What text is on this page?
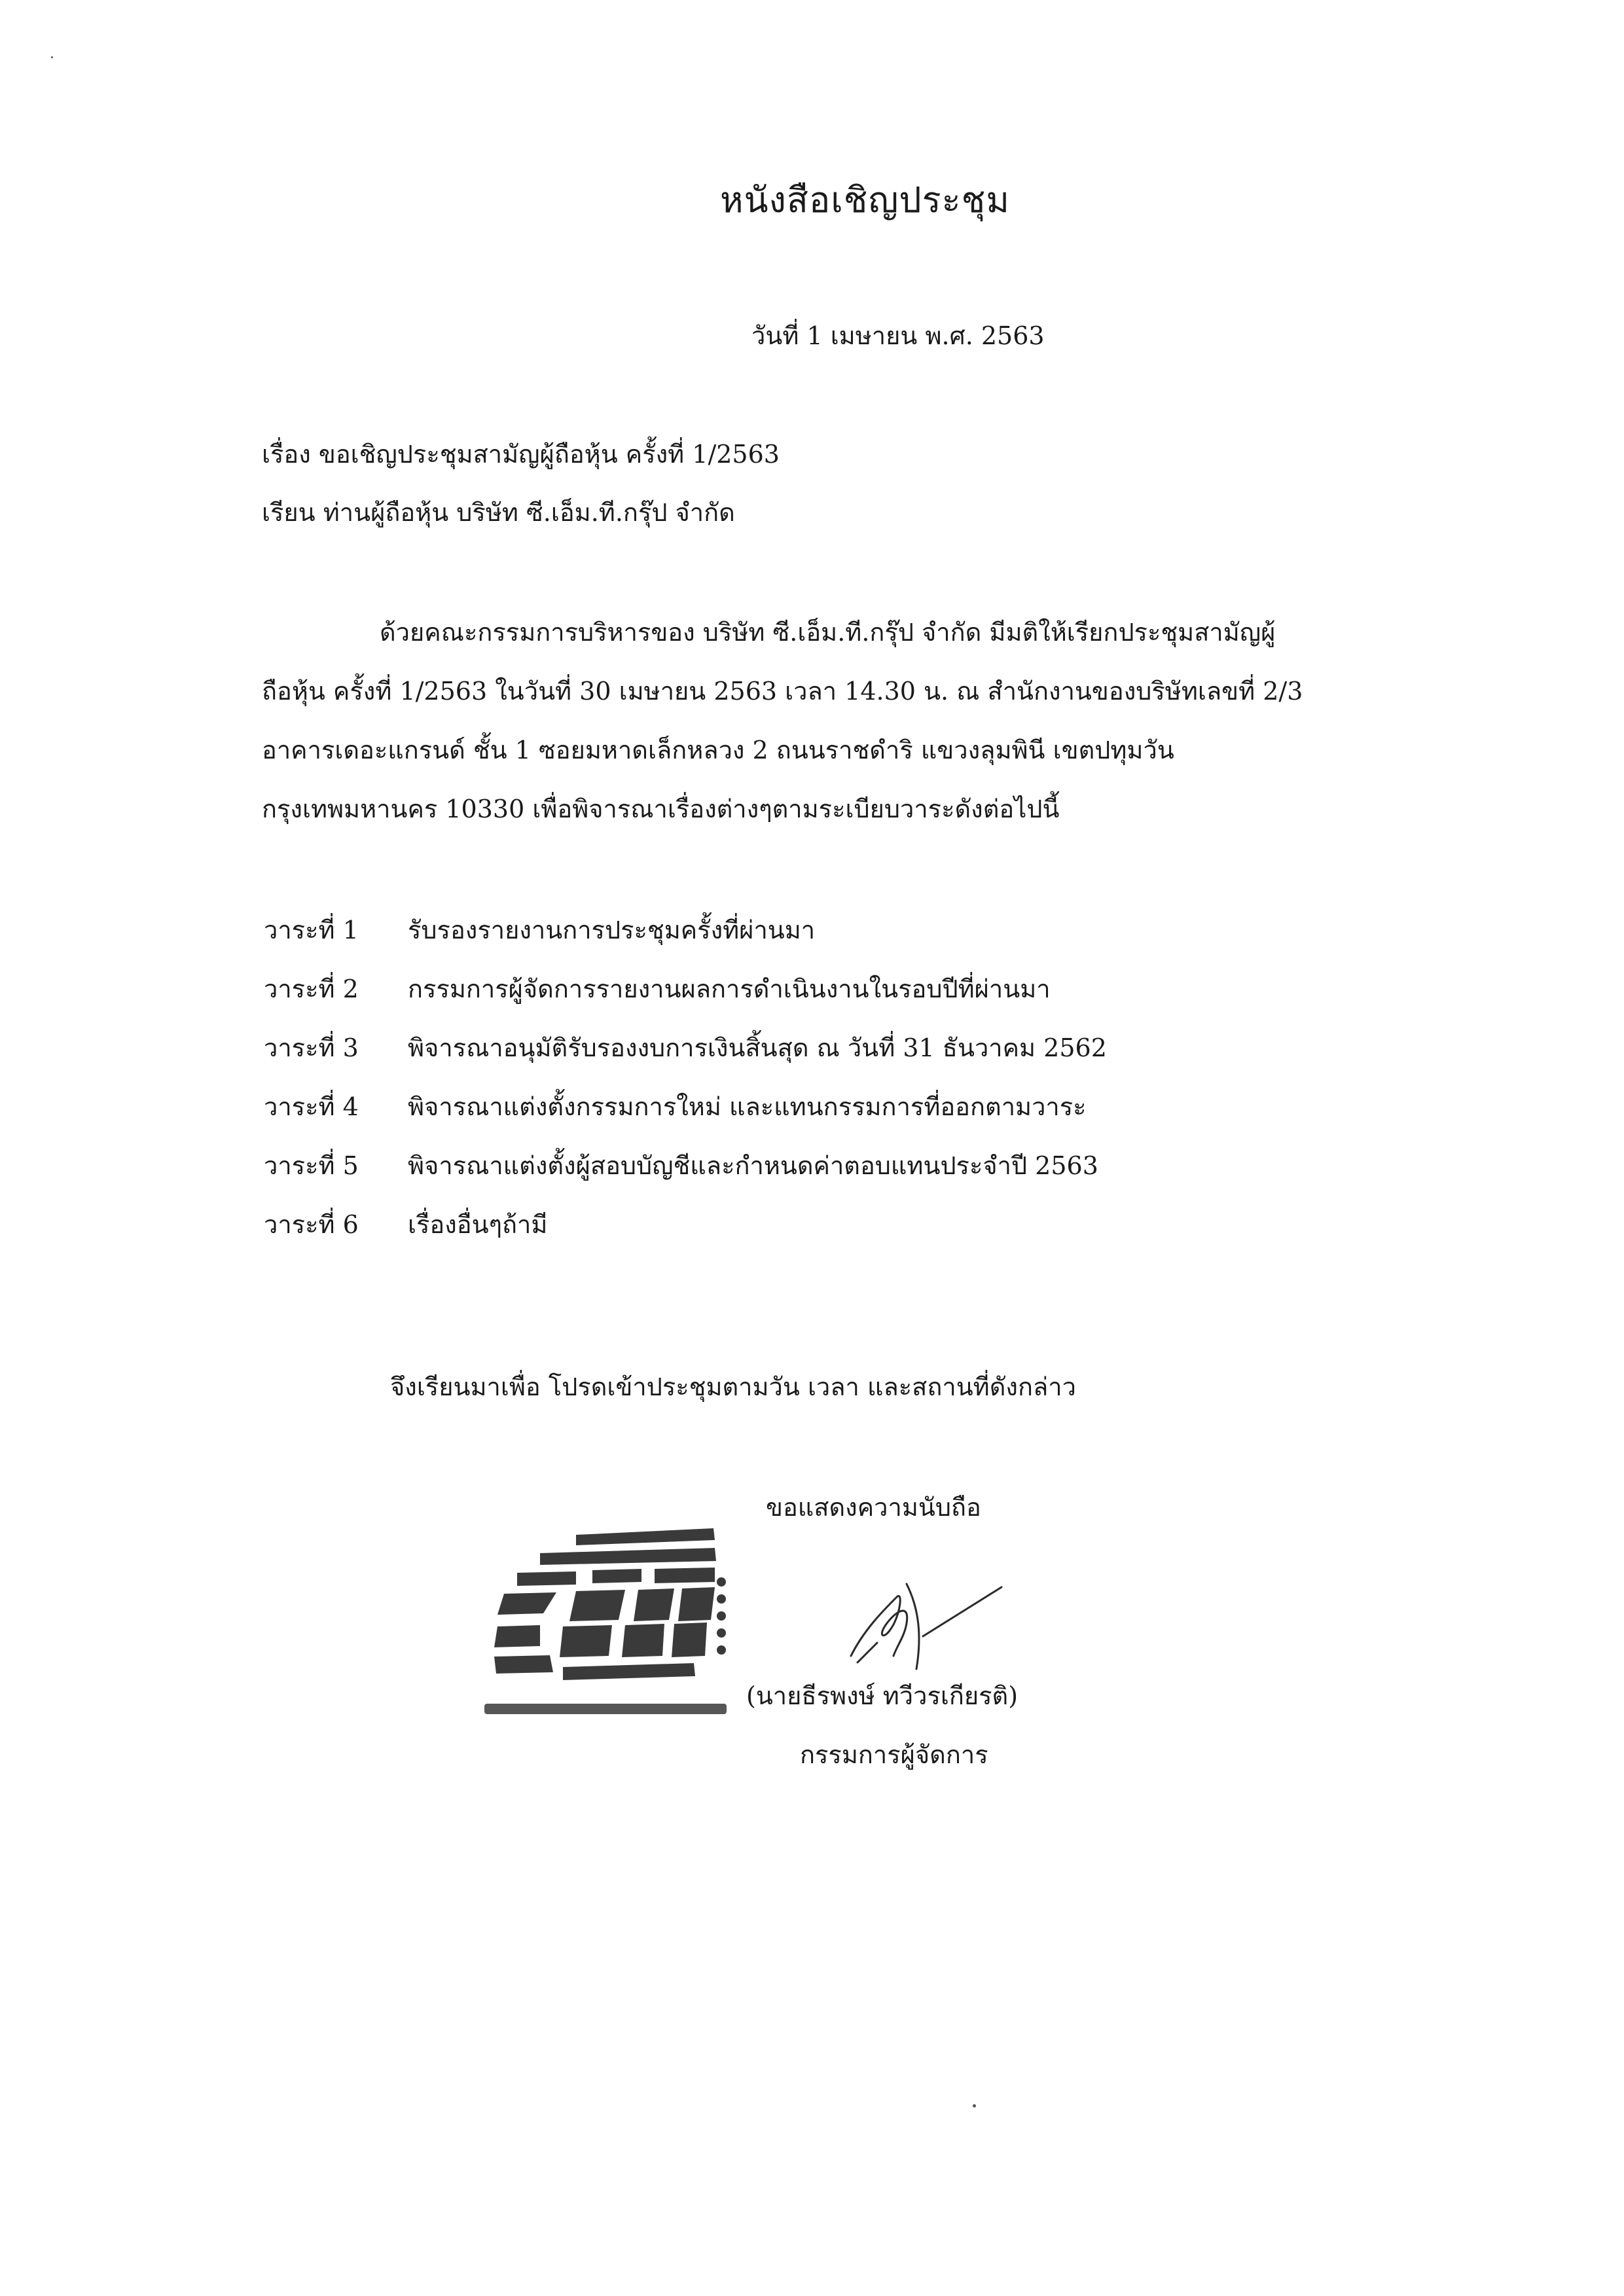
หนังสือเชิญประชุม
วันที่ 1 เมษายน พ.ศ. 2563
เรื่อง ขอเชิญประชุมสามัญผู้ถือหุ้น ครั้งที่ 1/2563
เรียน ท่านผู้ถือหุ้น บริษัท ซี.เอ็ม.ที.กรุ๊ป จำกัด
ด้วยคณะกรรมการบริหารของ บริษัท ซี.เอ็ม.ที.กรุ๊ป จำกัด มีมติให้เรียกประชุมสามัญผู้
ถือหุ้น ครั้งที่ 1/2563 ในวันที่ 30 เมษายน 2563 เวลา 14.30 น. ณ สำนักงานของบริษัทเลขที่ 2/3
อาคารเดอะแกรนด์ ชั้น 1 ซอยมหาดเล็กหลวง 2 ถนนราชดำริ แขวงลุมพินี เขตปทุมวัน
กรุงเทพมหานคร 10330 เพื่อพิจารณาเรื่องต่างๆตามระเบียบวาระดังต่อไปนี้
วาระที่ 1	รับรองรายงานการประชุมครั้งที่ผ่านมา
วาระที่ 2	กรรมการผู้จัดการรายงานผลการดำเนินงานในรอบปีที่ผ่านมา
วาระที่ 3	พิจารณาอนุมัติรับรองงบการเงินสิ้นสุด ณ วันที่ 31 ธันวาคม 2562
วาระที่ 4	พิจารณาแต่งตั้งกรรมการใหม่ และแทนกรรมการที่ออกตามวาระ
วาระที่ 5	พิจารณาแต่งตั้งผู้สอบบัญชีและกำหนดค่าตอบแทนประจำปี 2563
วาระที่ 6	เรื่องอื่นๆถ้ามี
จึงเรียนมาเพื่อ โปรดเข้าประชุมตามวัน เวลา และสถานที่ดังกล่าว
ขอแสดงความนับถือ
(นายธีรพงษ์ ทวีวรเกียรติ)
กรรมการผู้จัดการ
